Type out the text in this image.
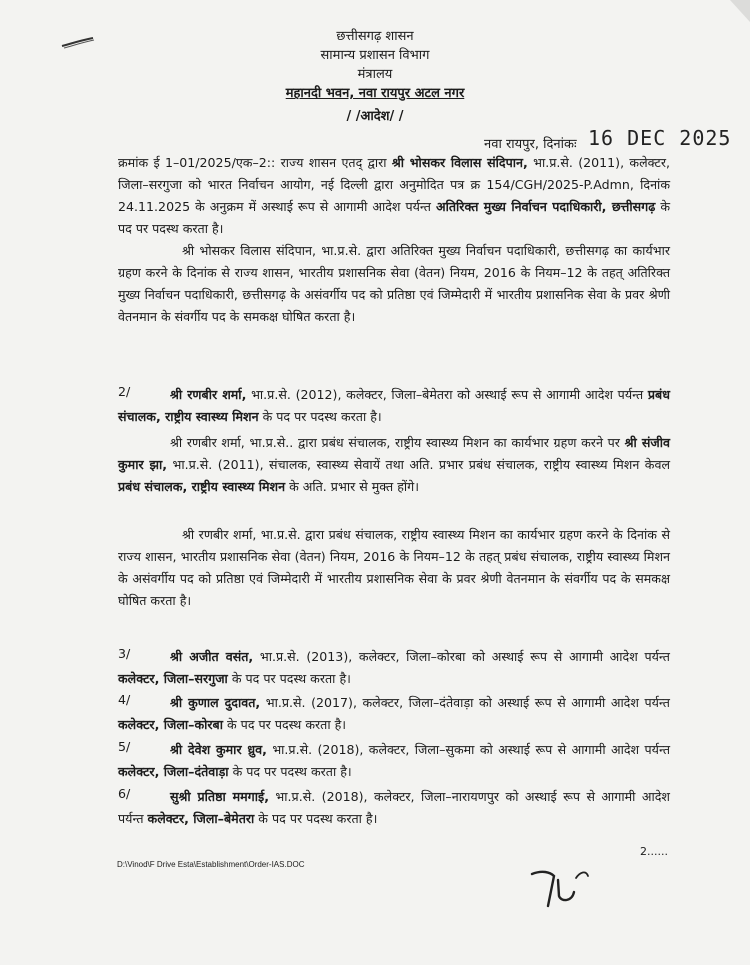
छत्तीसगढ़ शासन
सामान्य प्रशासन विभाग
मंत्रालय
महानदी भवन, नवा रायपुर अटल नगर
/ /आदेश/ /
नवा रायपुर, दिनांकः 16 DEC 2025
क्रमांक ई 1–01/2025/एक–2:: राज्य शासन एतद् द्वारा श्री भोसकर विलास संदिपान, भा.प्र.से. (2011), कलेक्टर, जिला–सरगुजा को भारत निर्वाचन आयोग, नई दिल्ली द्वारा अनुमोदित पत्र क्र 154/CGH/2025-P.Admn, दिनांक 24.11.2025 के अनुक्रम में अस्थाई रूप से आगामी आदेश पर्यन्त अतिरिक्त मुख्य निर्वाचन पदाधिकारी, छत्तीसगढ़ के पद पर पदस्थ करता है।
श्री भोसकर विलास संदिपान, भा.प्र.से. द्वारा अतिरिक्त मुख्य निर्वाचन पदाधिकारी, छत्तीसगढ़ का कार्यभार ग्रहण करने के दिनांक से राज्य शासन, भारतीय प्रशासनिक सेवा (वेतन) नियम, 2016 के नियम–12 के तहत् अतिरिक्त मुख्य निर्वाचन पदाधिकारी, छत्तीसगढ़ के असंवर्गीय पद को प्रतिष्ठा एवं जिम्मेदारी में भारतीय प्रशासनिक सेवा के प्रवर श्रेणी वेतनमान के संवर्गीय पद के समकक्ष घोषित करता है।
2/	श्री रणबीर शर्मा, भा.प्र.से. (2012), कलेक्टर, जिला–बेमेतरा को अस्थाई रूप से आगामी आदेश पर्यन्त प्रबंध संचालक, राष्ट्रीय स्वास्थ्य मिशन के पद पर पदस्थ करता है।
श्री रणबीर शर्मा, भा.प्र.से.. द्वारा प्रबंध संचालक, राष्ट्रीय स्वास्थ्य मिशन का कार्यभार ग्रहण करने पर श्री संजीव कुमार झा, भा.प्र.से. (2011), संचालक, स्वास्थ्य सेवायें तथा अति. प्रभार प्रबंध संचालक, राष्ट्रीय स्वास्थ्य मिशन केवल प्रबंध संचालक, राष्ट्रीय स्वास्थ्य मिशन के अति. प्रभार से मुक्त होंगे।
श्री रणबीर शर्मा, भा.प्र.से. द्वारा प्रबंध संचालक, राष्ट्रीय स्वास्थ्य मिशन का कार्यभार ग्रहण करने के दिनांक से राज्य शासन, भारतीय प्रशासनिक सेवा (वेतन) नियम, 2016 के नियम–12 के तहत् प्रबंध संचालक, राष्ट्रीय स्वास्थ्य मिशन के असंवर्गीय पद को प्रतिष्ठा एवं जिम्मेदारी में भारतीय प्रशासनिक सेवा के प्रवर श्रेणी वेतनमान के संवर्गीय पद के समकक्ष घोषित करता है।
3/	श्री अजीत वसंत, भा.प्र.से. (2013), कलेक्टर, जिला–कोरबा को अस्थाई रूप से आगामी आदेश पर्यन्त कलेक्टर, जिला–सरगुजा के पद पर पदस्थ करता है।
4/	श्री कुणाल दुदावत, भा.प्र.से. (2017), कलेक्टर, जिला–दंतेवाड़ा को अस्थाई रूप से आगामी आदेश पर्यन्त कलेक्टर, जिला–कोरबा के पद पर पदस्थ करता है।
5/	श्री देवेश कुमार ध्रुव, भा.प्र.से. (2018), कलेक्टर, जिला–सुकमा को अस्थाई रूप से आगामी आदेश पर्यन्त कलेक्टर, जिला–दंतेवाड़ा के पद पर पदस्थ करता है।
6/	सुश्री प्रतिष्ठा ममगाई, भा.प्र.से. (2018), कलेक्टर, जिला–नारायणपुर को अस्थाई रूप से आगामी आदेश पर्यन्त कलेक्टर, जिला–बेमेतरा के पद पर पदस्थ करता है।
2......
D:\Vinod\F Drive Esta\Establishment\Order-IAS.DOC
